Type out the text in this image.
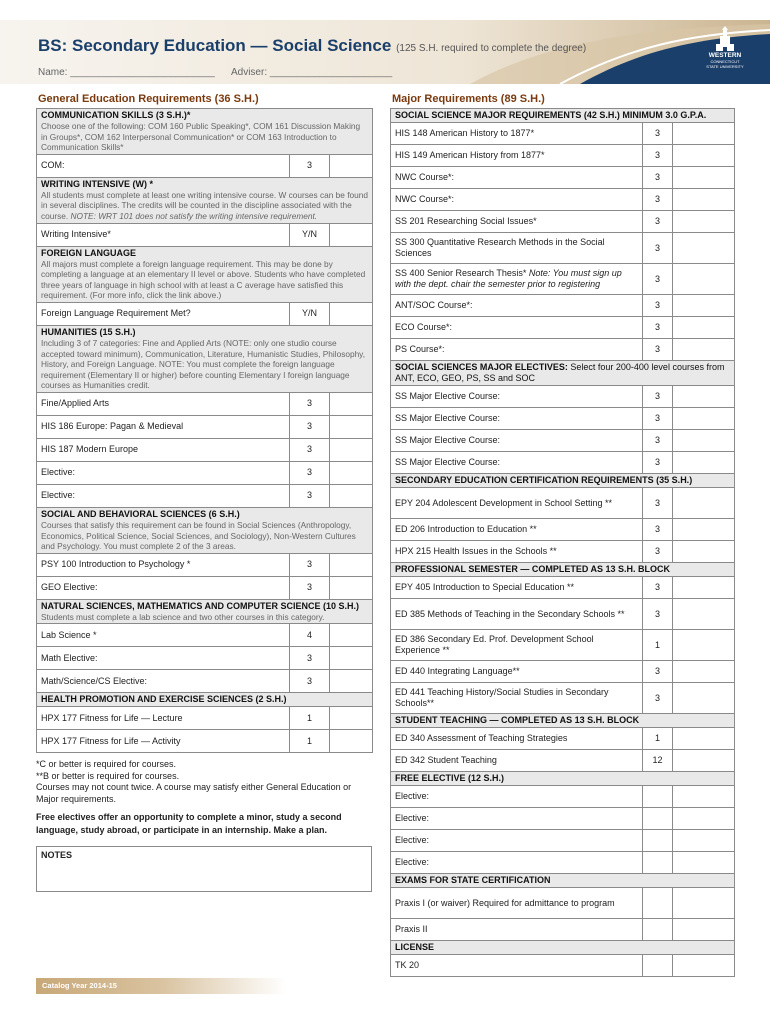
WESTERN
CONNECTICUT
STATE UNIVERSITY
BS: Secondary Education — Social Science (125 S.H. required to complete the degree)
Name: __________________________ Adviser: ______________________
General Education Requirements (36 S.H.)
COMMUNICATION SKILLS (3 S.H.)*
Choose one of the following: COM 160 Public Speaking*, COM 161 Discussion Making in Groups*, COM 162 Interpersonal Communication* or COM 163 Introduction to Communication Skills*		

COM:	3	

WRITING INTENSIVE (W) *
All students must complete at least one writing intensive course. W courses can be found in several disciplines. The credits will be counted in the discipline associated with the course. NOTE: WRT 101 does not satisfy the writing intensive requirement.		

Writing Intensive*	Y/N	

FOREIGN LANGUAGE
All majors must complete a foreign language requirement. This may be done by completing a language at an elementary II level or above. Students who have completed three years of language in high school with at least a C average have satisfied this requirement. (For more info, click the link above.)		

Foreign Language Requirement Met?	Y/N	

HUMANITIES (15 S.H.)
Including 3 of 7 categories: Fine and Applied Arts (NOTE: only one studio course accepted toward minimum), Communication, Literature, Humanistic Studies, Philosophy, History, and Foreign Language. NOTE: You must complete the foreign language requirement (Elementary II or higher) before counting Elementary I foreign language courses as Humanities credit.		

Fine/Applied Arts	3	
HIS 186 Europe: Pagan & Medieval	3	
HIS 187 Modern Europe	3	
Elective:	3	
Elective:	3	

SOCIAL AND BEHAVIORAL SCIENCES (6 S.H.)
Courses that satisfy this requirement can be found in Social Sciences (Anthropology, Economics, Political Science, Social Sciences, and Sociology), Non-Western Cultures and Psychology. You must complete 2 of the 3 areas.		

PSY 100 Introduction to Psychology *	3	
GEO Elective:	3	

NATURAL SCIENCES, MATHEMATICS AND COMPUTER SCIENCE (10 S.H.)
Students must complete a lab science and two other courses in this category.		

Lab Science *	4	
Math Elective:	3	
Math/Science/CS Elective:	3	

HEALTH PROMOTION AND EXERCISE SCIENCES (2 S.H.)		

HPX 177 Fitness for Life — Lecture	1	
HPX 177 Fitness for Life — Activity	1	
*C or better is required for courses.
**B or better is required for courses.
Courses may not count twice. A course may satisfy either General Education or Major requirements.
Free electives offer an opportunity to complete a minor, study a second language, study abroad, or participate in an internship. Make a plan.
NOTES
Major Requirements (89 S.H.)
SOCIAL SCIENCE MAJOR REQUIREMENTS (42 S.H.) MINIMUM 3.0 G.P.A.		

HIS 148 American History to 1877*	3	
HIS 149 American History from 1877*	3	
NWC Course*:	3	
NWC Course*:	3	
SS 201 Researching Social Issues*	3	
SS 300 Quantitative Research Methods in the Social Sciences	3	
SS 400 Senior Research Thesis* Note: You must sign up with the dept. chair the semester prior to registering	3	
ANT/SOC Course*:	3	
ECO Course*:	3	
PS Course*:	3	

SOCIAL SCIENCES MAJOR ELECTIVES: Select four 200-400 level courses from ANT, ECO, GEO, PS, SS and SOC		

SS Major Elective Course:	3	
SS Major Elective Course:	3	
SS Major Elective Course:	3	
SS Major Elective Course:	3	

SECONDARY EDUCATION CERTIFICATION REQUIREMENTS (35 S.H.)		

EPY 204 Adolescent Development in School Setting **	3	
ED 206 Introduction to Education **	3	
HPX 215 Health Issues in the Schools **	3	

PROFESSIONAL SEMESTER — COMPLETED AS 13 S.H. BLOCK		

EPY 405 Introduction to Special Education **	3	
ED 385 Methods of Teaching in the Secondary Schools **	3	
ED 386 Secondary Ed. Prof. Development School Experience **	1	
ED 440 Integrating Language**	3	
ED 441 Teaching History/Social Studies in Secondary Schools**	3	

STUDENT TEACHING — COMPLETED AS 13 S.H. BLOCK		

ED 340 Assessment of Teaching Strategies	1	
ED 342 Student Teaching	12	

FREE ELECTIVE (12 S.H.)		

Elective:		
Elective:		
Elective:		
Elective:		

EXAMS FOR STATE CERTIFICATION		

Praxis I (or waiver) Required for admittance to program		
Praxis II		

LICENSE		

TK 20		
Catalog Year 2014-15
